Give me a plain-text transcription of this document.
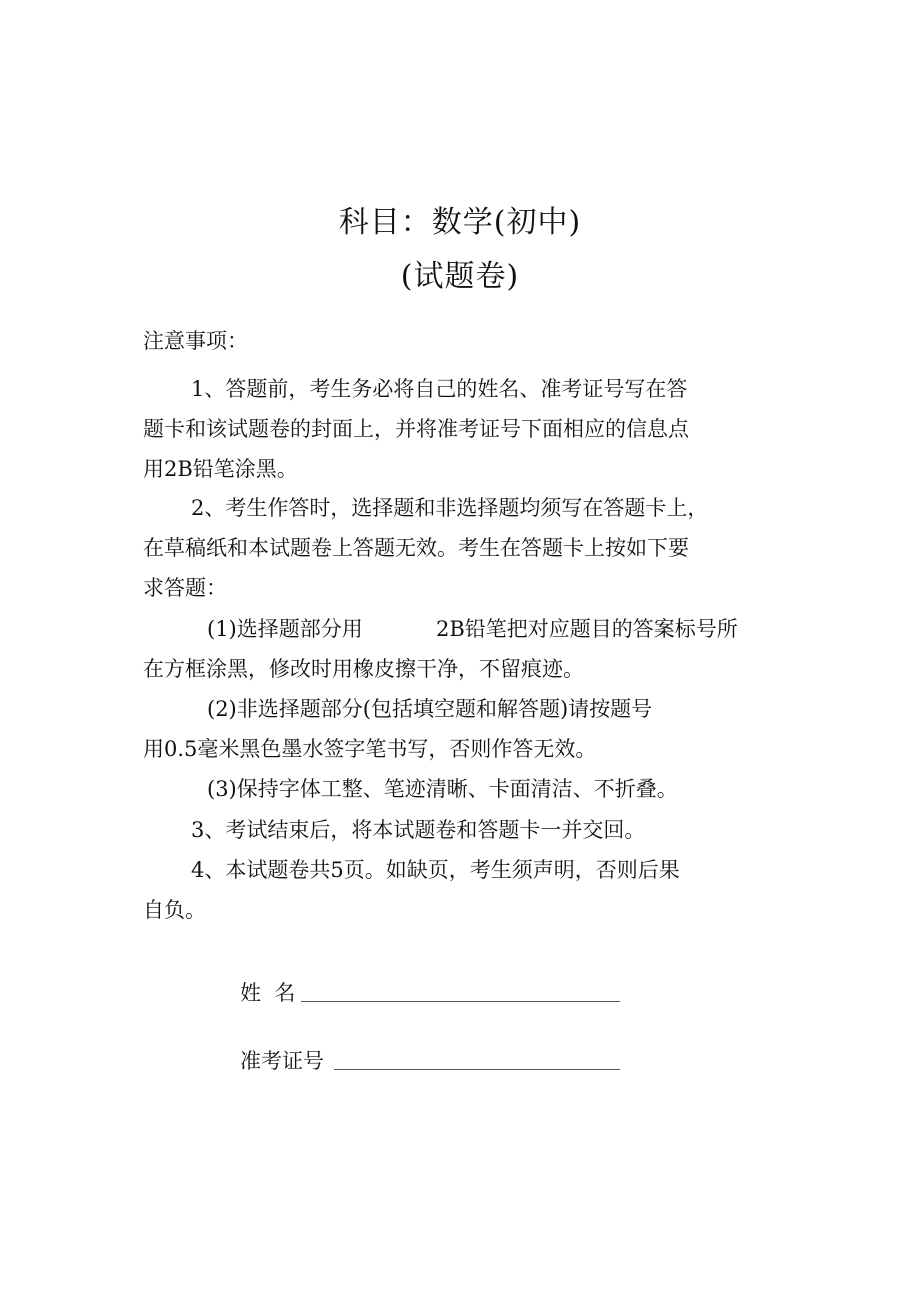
科目：数学(初中)
(试题卷)
注意事项：
1、答题前，考生务必将自己的姓名、准考证号写在答
题卡和该试题卷的封面上，并将准考证号下面相应的信息点
用2B铅笔涂黑。
2、考生作答时，选择题和非选择题均须写在答题卡上，
在草稿纸和本试题卷上答题无效。考生在答题卡上按如下要
求答题：
(1)选择题部分用	2B铅笔把对应题目的答案标号所
在方框涂黑，修改时用橡皮擦干净，不留痕迹。
(2)非选择题部分(包括填空题和解答题)请按题号
用0.5毫米黑色墨水签字笔书写，否则作答无效。
(3)保持字体工整、笔迹清晰、卡面清洁、不折叠。
3、考试结束后，将本试题卷和答题卡一并交回。
4、本试题卷共5页。如缺页，考生须声明，否则后果
自负。
姓  名
准考证号
